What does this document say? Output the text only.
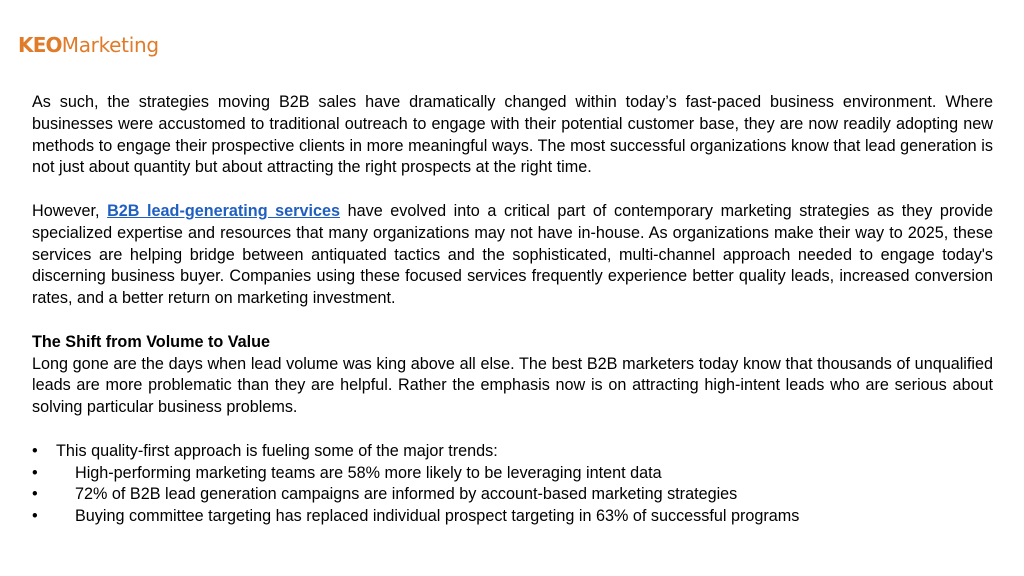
KEOMarketing

As such, the strategies moving B2B sales have dramatically changed within today’s fast-paced business environment. Where businesses were accustomed to traditional outreach to engage with their potential customer base, they are now readily adopting new methods to engage their prospective clients in more meaningful ways. The most successful organizations know that lead generation is not just about quantity but about attracting the right prospects at the right time.

However, B2B lead-generating services have evolved into a critical part of contemporary marketing strategies as they provide specialized expertise and resources that many organizations may not have in-house. As organizations make their way to 2025, these services are helping bridge between antiquated tactics and the sophisticated, multi-channel approach needed to engage today's discerning business buyer. Companies using these focused services frequently experience better quality leads, increased conversion rates, and a better return on marketing investment.

The Shift from Volume to Value

Long gone are the days when lead volume was king above all else. The best B2B marketers today know that thousands of unqualified leads are more problematic than they are helpful. Rather the emphasis now is on attracting high-intent leads who are serious about solving particular business problems.

• This quality-first approach is fueling some of the major trends:
• High-performing marketing teams are 58% more likely to be leveraging intent data
• 72% of B2B lead generation campaigns are informed by account-based marketing strategies
• Buying committee targeting has replaced individual prospect targeting in 63% of successful programs
